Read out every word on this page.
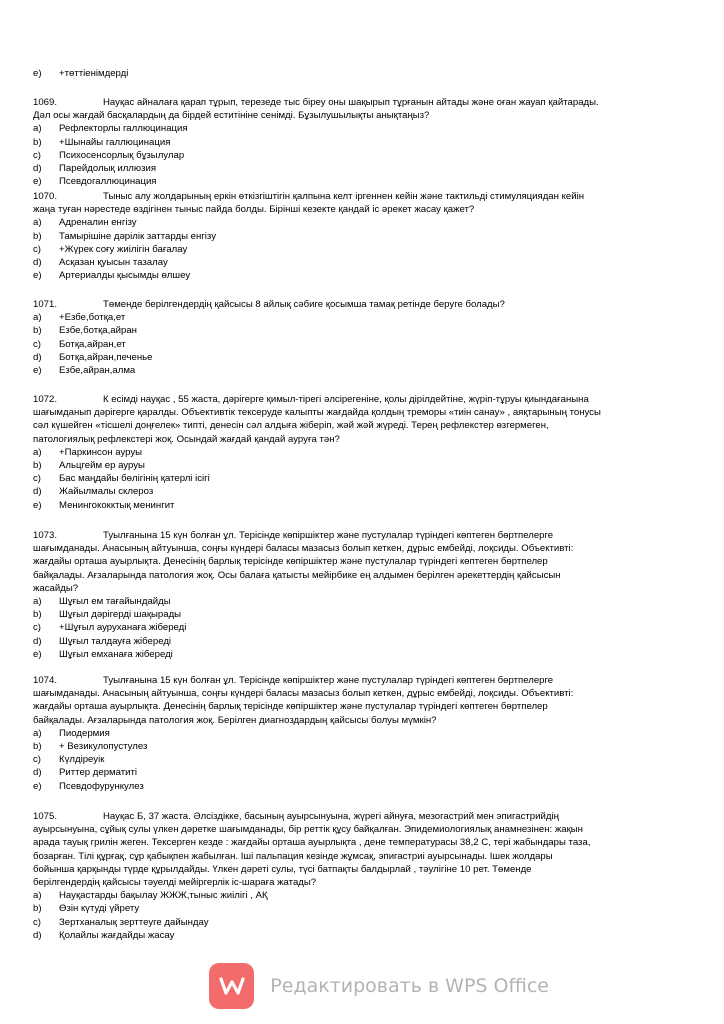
e) +төттіенімдерді
1069.	Науқас айналаға қарап тұрып, терезеде тыс біреу оны шақырып тұрғанын айтады және оған жауап қайтарады.
Дәл осы жағдай басқалардың да бірдей еститініне сенімді. Бұзылушылықты анықтаңыз?
a) Рефлекторлы галлюцинация
b) +Шынайы галлюцинация
c) Психосенсорлық бұзылулар
d) Парейдолық иллюзия
e) Псевдогаллюцинация
1070.	Тыныс алу жолдарының еркін өткізгіштігін қалпына келт іргеннен кейін және тактильді стимуляциядан кейін
жаңа туған нәрестеде өздігінен тыныс пайда болды. Бірінші кезекте қандай іс әрекет жасау қажет?
a) Адреналин енгізу
b) Тамырішіне дәрілік заттарды енгізу
c) +Жүрек соғу жиілігін бағалау
d) Асқазан қуысын тазалау
e) Артериалды қысымды өлшеу
1071.	Төменде берілгендердің қайсысы 8 айлық сәбиге қосымша тамақ ретінде беруге болады?
a) +Езбе,ботқа,ет
b) Езбе,ботқа,айран
c) Ботқа,айран,ет
d) Ботқа,айран,печенье
e) Езбе,айран,алма
1072.	К есімді науқас , 55 жаста, дәрігерге қимыл-тірегі әлсiрегеніне, қолы дірілдейтіне, жүріп-тұруы қиындағанына
шағымданып дәрігерге қаралды. Объективтік тексеруде калыпты жағдайда қолдың треморы «тиін санау» , аяқтарының тонусы
сәл күшейген «тісшелі доңғелек» типті, денесін сәл алдыға жіберіп, жәй жәй жүреді. Терең рефлекстер өзгермеген,
патологиялық рефлекстері жоқ. Осындай жағдай қандай ауруға тән?
a) +Паркинсон ауруы
b) Альцгейм ер ауруы
c) Бас маңдайы бөлігінің қатерлі ісігі
d) Жайылмалы склероз
e) Менингококктық менингит
1073.	Туылғанына 15 күн болған ұл. Терісінде көпіршіктер және пустулалар түріндегі көптеген бөртпелерге
шағымданады. Анасының айтуынша, соңғы күндері баласы мазасыз болып кеткен, дұрыс ембейді, лоқсиды. Объективті:
жағдайы орташа ауырлықта. Денесінің барлық терісінде көпіршіктер және пустулалар түріндегі көптеген бөртпелер
байқалады. Ағзаларында патология жоқ. Осы балаға қатысты мейірбике ең алдымен берілген әрекеттердің қайсысын
жасайды?
a) Шұғыл ем тағайындайды
b) Шұғыл дәрігерді шақырады
c) +Шұғыл ауруханаға жібереді
d) Шұғыл талдауға жібереді
e) Шұғыл емханаға жібереді
1074.	Туылғанына 15 күн болған ұл. Терісінде көпіршіктер және пустулалар түріндегі көптеген бөртпелерге
шағымданады. Анасының айтуынша, соңғы күндері баласы мазасыз болып кеткен, дұрыс ембейді, лоқсиды. Объективті:
жағдайы орташа ауырлықта. Денесінің барлық терісінде көпіршіктер және пустулалар түріндегі көптеген бөртпелер
байқалады. Ағзаларында патология жоқ. Берілген диагноздардың қайсысы болуы мүмкін?
a) Пиодермия
b) + Везикулопустулез
c) Күлдіреуік
d) Риттер дерматиті
e) Псевдофурункулез
1075.	Науқас Б, 37 жаста. Әлсіздікке, басының ауырсынуына, жүрегі айнуға, мезогастрий мен эпигастрийдің
ауырсынуына, сұйық сулы үлкен дәретке шағымданады, бір реттік құсу байқалған. Эпидемиологиялық анамнезінен: жақын
арада тауық грилін жеген. Тексерген кезде : жағдайы орташа ауырлықта , дене температурасы 38,2 С, тері жабындары таза,
бозарған. Тілі құрғақ, сұр қабықпен жабылған. Іші пальпация кезінде жұмсақ, эпигастриі ауырсынады. Ішек жолдары
бойынша қарқынды түрде құрылдайды. Үлкен дәреті сулы, түсі батпақты балдырлай , тәулігіне 10 рет. Төменде
берілгендердің қайсысы тәуелді мейіргерлік іс-шараға жатады?
a) Науқастарды бақылау ЖЖЖ,тыныс жиілігі , АҚ
b) Өзін күтуді үйрету
c) Зертханалық зерттеуге дайындау
d) Қолайлы жағдайды жасау
Редактировать в WPS Office
